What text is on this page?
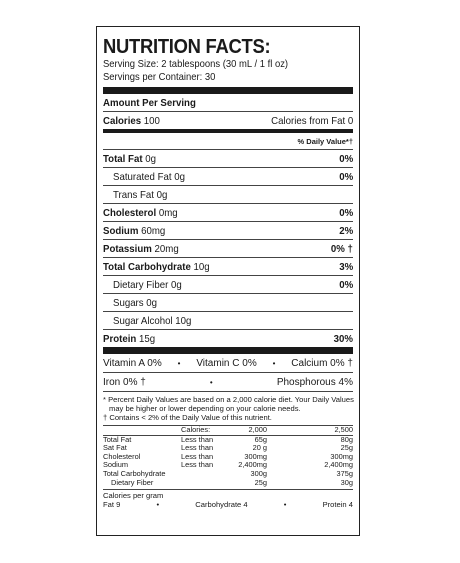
NUTRITION FACTS:
Serving Size: 2 tablespoons (30 mL / 1 fl oz)
Servings per Container: 30
Amount Per Serving
Calories 100	Calories from Fat 0
% Daily Value*†
Total Fat 0g	0%
Saturated Fat 0g	0%
Trans Fat 0g
Cholesterol 0mg	0%
Sodium 60mg	2%
Potassium 20mg	0% †
Total Carbohydrate 10g	3%
Dietary Fiber 0g	0%
Sugars 0g
Sugar Alcohol 10g
Protein 15g	30%
Vitamin A 0% • Vitamin C 0% • Calcium 0% †
Iron 0% †	•	Phosphorous 4%
* Percent Daily Values are based on a 2,000 calorie diet. Your Daily Values
may be higher or lower depending on your calorie needs.
† Contains < 2% of the Daily Value of this nutrient.
	Calories:	2,000	2,500
Total Fat	Less than	65g	80g
Sat Fat	Less than	20 g	25g
Cholesterol	Less than	300mg	300mg
Sodium	Less than	2,400mg	2,400mg
Total Carbohydrate		300g	375g
Dietary Fiber		25g	30g
Calories per gram
Fat 9	•	Carbohydrate 4	•	Protein 4
